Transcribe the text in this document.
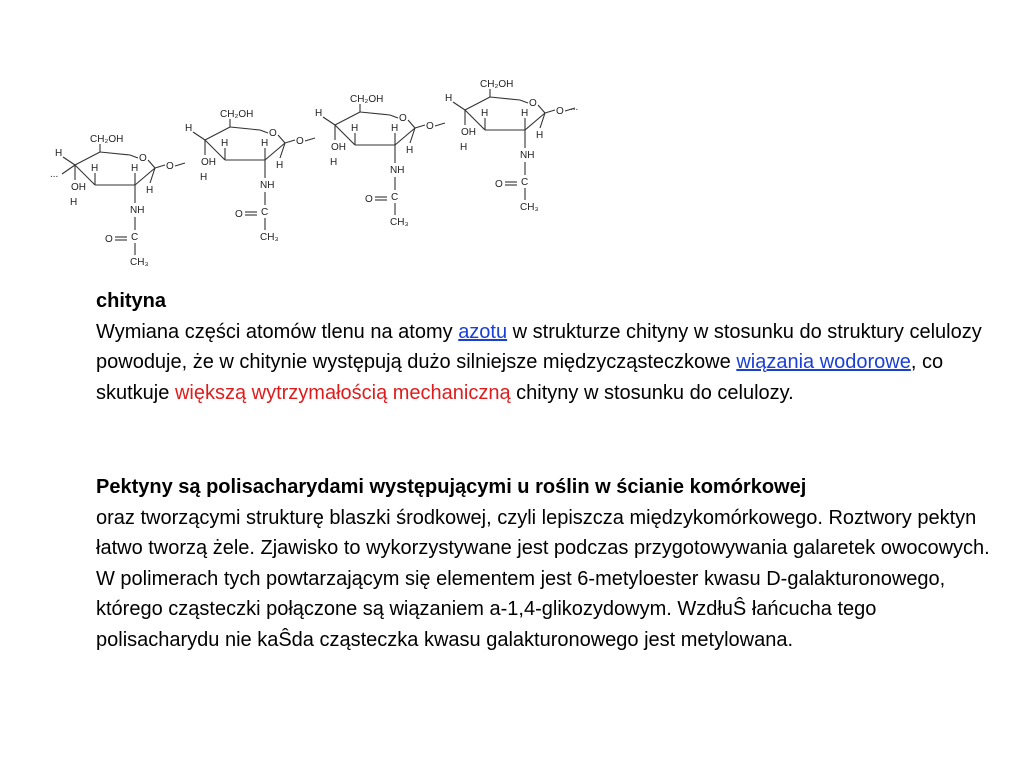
...
O
CH₂OH
H
OH
H
H
NH
C
O
CH₃
H
H
O
O
CH₂OH
H
OH
H
H
NH
C
O
CH₃
H
H
O
O
CH₂OH
H
OH
H
H
NH
C
O
CH₃
H
H
O
O
CH₂OH
H
OH
H
H
NH
C
O
CH₃
H
H
O ...
chityna
Wymiana części atomów tlenu na atomy azotu w strukturze chityny w stosunku do struktury celulozy powoduje, że w chitynie występują dużo silniejsze międzycząsteczkowe wiązania wodorowe, co skutkuje większą wytrzymałością mechaniczną chityny w stosunku do celulozy.
Pektyny są polisacharydami występującymi u roślin w ścianie komórkowej
oraz tworzącymi strukturę blaszki środkowej, czyli lepiszcza międzykomórkowego. Roztwory pektyn łatwo tworzą żele. Zjawisko to wykorzystywane jest podczas przygotowywania galaretek owocowych. W polimerach tych powtarzającym się elementem jest 6-metyloester kwasu D-galakturonowego, którego cząsteczki połączone są wiązaniem a-1,4-glikozydowym. WzdłuŜ łańcucha tego polisacharydu nie kaŜda cząsteczka kwasu galakturonowego jest metylowana.
